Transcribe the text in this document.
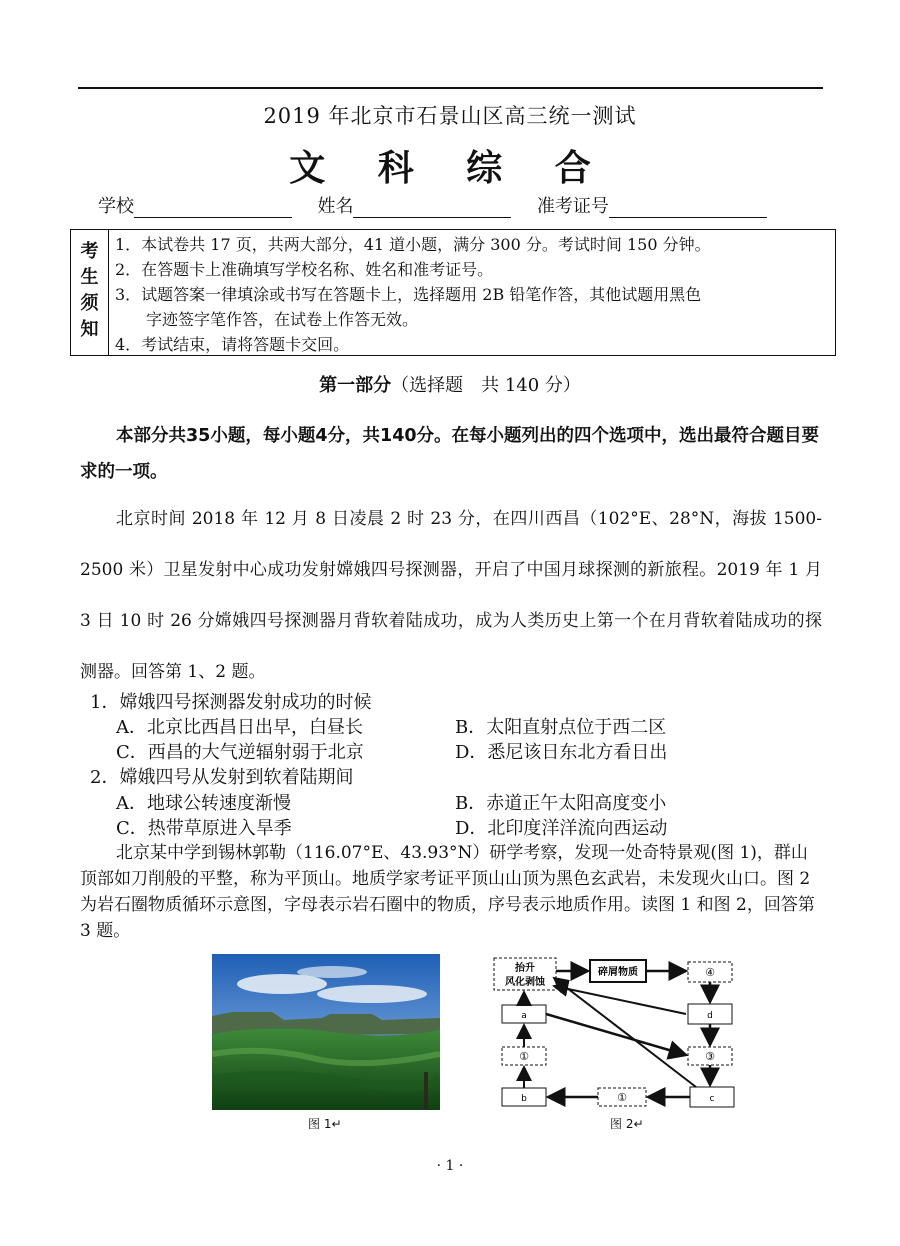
2019 年北京市石景山区高三统一测试
文 科 综 合
学校	姓名	准考证号
考
生
须
知
1．本试卷共 17 页，共两大部分，41 道小题，满分 300 分。考试时间 150 分钟。
2．在答题卡上准确填写学校名称、姓名和准考证号。
3．试题答案一律填涂或书写在答题卡上，选择题用 2B 铅笔作答，其他试题用黑色
字迹签字笔作答，在试卷上作答无效。
4．考试结束，请将答题卡交回。
第一部分（选择题　共 140 分）
本部分共35小题，每小题4分，共140分。在每小题列出的四个选项中，选出最符合题目要求的一项。
北京时间 2018 年 12 月 8 日凌晨 2 时 23 分，在四川西昌（102°E、28°N，海拔 1500-2500 米）卫星发射中心成功发射嫦娥四号探测器，开启了中国月球探测的新旅程。2019 年 1 月 3 日 10 时 26 分嫦娥四号探测器月背软着陆成功，成为人类历史上第一个在月背软着陆成功的探测器。回答第 1、2 题。
1．嫦娥四号探测器发射成功的时候
A．北京比西昌日出早，白昼长	B．太阳直射点位于西二区
C．西昌的大气逆辐射弱于北京	D．悉尼该日东北方看日出
2．嫦娥四号从发射到软着陆期间
A．地球公转速度渐慢	B．赤道正午太阳高度变小
C．热带草原进入旱季	D．北印度洋洋流向西运动
北京某中学到锡林郭勒（116.07°E、43.93°N）研学考察，发现一处奇特景观(图 1)，群山顶部如刀削般的平整，称为平顶山。地质学家考证平顶山山顶为黑色玄武岩，未发现火山口。图 2 为岩石圈物质循环示意图，字母表示岩石圈中的物质，序号表示地质作用。读图 1 和图 2，回答第 3 题。
图 1↵
抬升
风化剥蚀
碎屑物质	④
a	d
①	③
b	①	c
图 2↵
· 1 ·
